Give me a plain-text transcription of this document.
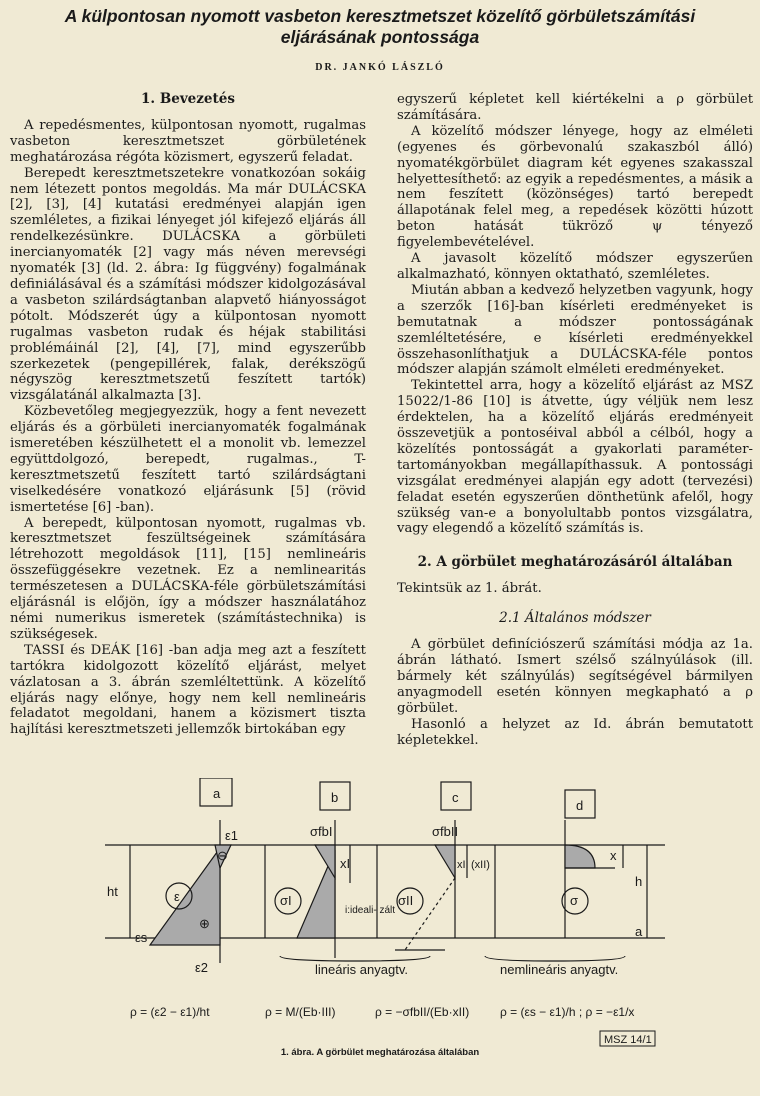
A külpontosan nyomott vasbeton keresztmetszet közelítő görbületszámítási
eljárásának pontossága
DR. JANKÓ LÁSZLÓ
1. Bevezetés

A repedésmentes, külpontosan nyomott, rugalmas vasbeton keresztmetszet görbületének meghatározása régóta közismert, egyszerű feladat.

Berepedt keresztmetszetekre vonatkozóan sokáig nem létezett pontos megoldás. Ma már DULÁCSKA [2], [3], [4] kutatási eredményei alapján igen szemléletes, a fizikai lényeget jól kifejező eljárás áll rendelkezésünkre. DULÁCSKA a görbületi inercianyomaték [2] vagy más néven merevségi nyomaték [3] (ld. 2. ábra: Ig függvény) fogalmának definiálásával és a számítási módszer kidolgozásával a vasbeton szilárdságtanban alapvető hiányosságot pótolt. Módszerét úgy a külpontosan nyomott rugalmas vasbeton rudak és héjak stabilitási problémáinál [2], [4], [7], mind egyszerűbb szerkezetek (pengepillérek, falak, derékszögű négyszög keresztmetszetű feszített tartók) vizsgálatánál alkalmazta [3].

Közbevetőleg megjegyezzük, hogy a fent nevezett eljárás és a görbületi inercianyomaték fogalmának ismeretében készülhetett el a monolit vb. lemezzel együttdolgozó, berepedt, rugalmas., T-keresztmetszetű feszített tartó szilárdságtani viselkedésére vonatkozó eljárásunk [5] (rövid ismertetése [6] -ban).

A berepedt, külpontosan nyomott, rugalmas vb. keresztmetszet feszültségeinek számítására létrehozott megoldások [11], [15] nemlineáris összefüggésekre vezetnek. Ez a nemlinearitás természetesen a DULÁCSKA-féle görbületszámítási eljárásnál is előjön, így a módszer használatához némi numerikus ismeretek (számítástechnika) is szükségesek.

TASSI és DEÁK [16] -ban adja meg azt a feszített tartókra kidolgozott közelítő eljárást, melyet vázlatosan a 3. ábrán szemléltettünk. A közelítő eljárás nagy előnye, hogy nem kell nemlineáris feladatot megoldani, hanem a közismert tiszta hajlítási keresztmetszeti jellemzők birtokában egy

egyszerű képletet kell kiértékelni a ρ görbület számítására.

A közelítő módszer lényege, hogy az elméleti (egyenes és görbevonalú szakaszból álló) nyomatékgörbület diagram két egyenes szakasszal helyettesíthető: az egyik a repedésmentes, a másik a nem feszített (közönséges) tartó berepedt állapotának felel meg, a repedések közötti húzott beton hatását tükröző ψ tényező figyelembevételével.

A javasolt közelítő módszer egyszerűen alkalmazható, könnyen oktatható, szemléletes.

Miután abban a kedvező helyzetben vagyunk, hogy a szerzők [16]-ban kísérleti eredményeket is bemutatnak a módszer pontosságának szemléltetésére, e kísérleti eredményekkel összehasonlíthatjuk a DULÁCSKA-féle pontos módszer alapján számolt elméleti eredményeket.

Tekintettel arra, hogy a közelítő eljárást az MSZ 15022/1-86 [10] is átvette, úgy véljük nem lesz érdektelen, ha a közelítő eljárás eredményeit összevetjük a pontoséival abból a célból, hogy a közelítés pontosságát a gyakorlati paraméter-tartományokban megállapíthassuk. A pontossági vizsgálat eredményei alapján egy adott (tervezési) feladat esetén egyszerűen dönthetünk afelől, hogy szükség van-e a bonyolultabb pontos vizsgálatra, vagy elegendő a közelítő számítás is.

2. A görbület meghatározásáról általában

Tekintsük az 1. ábrát.

2.1 Általános módszer

A görbület definíciószerű számítási módja az 1a. ábrán látható. Ismert szélső szálnyúlások (ill. bármely két szálnyúlás) segítségével bármilyen anyagmodell esetén könnyen megkapható a ρ görbület.

Hasonló a helyzet az Id. ábrán bemutatott képletekkel.

a	b	c
d
ε1
⊖
ht	ε
⊕
εs
ε2
σfbI
xI
σI
i:ideali- zált
σfbII
xII (xII)
σII
x
h
a
σ
lineáris anyagtv.	nemlineáris anyagtv.
ρ = (ε2 − ε1)/ht	ρ = M/(Eb·III)	ρ = −σfbII/(Eb·xII)	ρ = (εs − ε1)/h ; ρ = −ε1/x
MSZ 14/1
1. ábra. A görbület meghatározása általában
